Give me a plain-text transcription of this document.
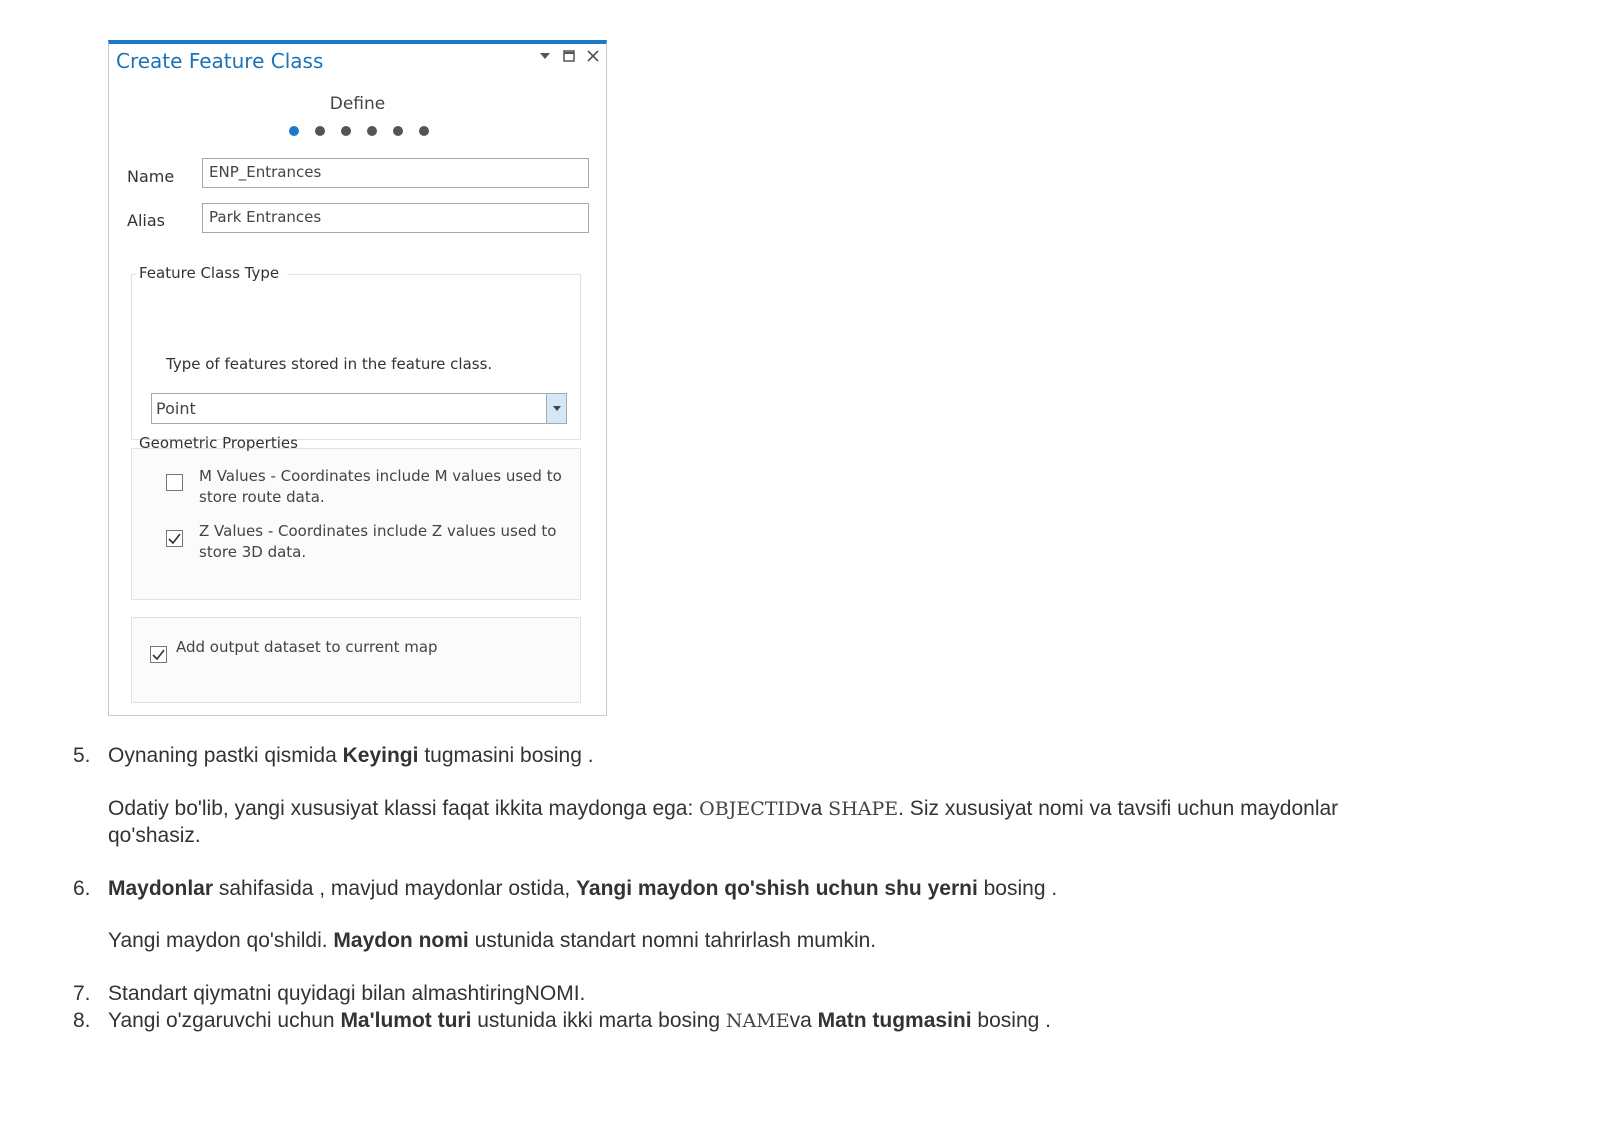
Create Feature Class
Define
Name	ENP_Entrances
Alias	Park Entrances
Feature Class Type
Type of features stored in the feature class.
Point
Geometric Properties
M Values - Coordinates include M values used to
store route data.
Z Values - Coordinates include Z values used to
store 3D data.
Add output dataset to current map
5. Oynaning pastki qismida Keyingi tugmasini bosing .
Odatiy bo'lib, yangi xususiyat klassi faqat ikkita maydonga ega: OBJECTIDva SHAPE. Siz xususiyat nomi va tavsifi uchun maydonlar
qo'shasiz.
6. Maydonlar sahifasida , mavjud maydonlar ostida, Yangi maydon qo'shish uchun shu yerni bosing .
Yangi maydon qo'shildi. Maydon nomi ustunida standart nomni tahrirlash mumkin.
7. Standart qiymatni quyidagi bilan almashtiringNOMI.
8. Yangi o'zgaruvchi uchun Ma'lumot turi ustunida ikki marta bosing NAMEva Matn tugmasini bosing .
